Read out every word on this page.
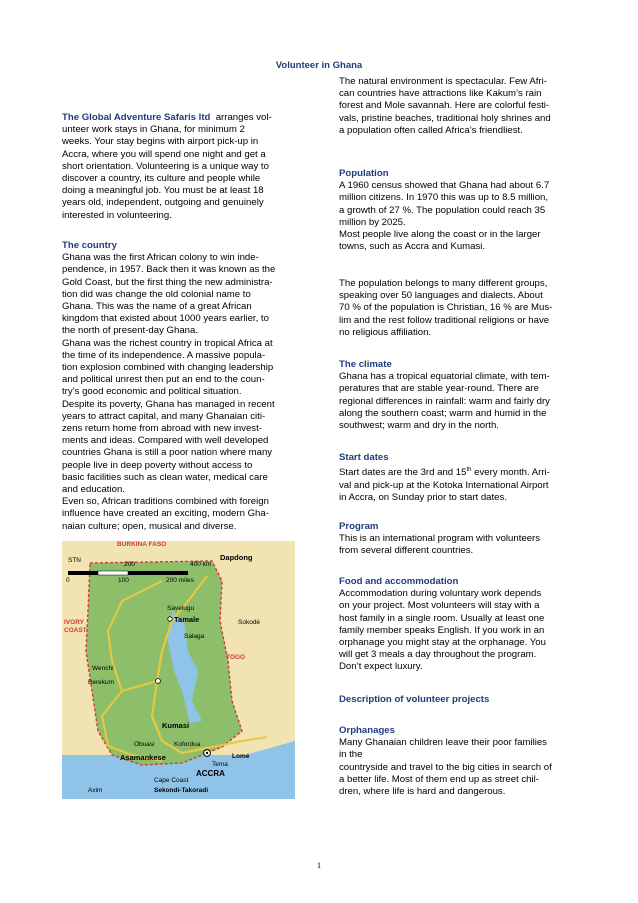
Volunteer in Ghana

The Global Adventure Safaris ltd arranges vol-
unteer work stays in Ghana, for minimum 2
weeks. Your stay begins with airport pick-up in
Accra, where you will spend one night and get a
short orientation. Volunteering is a unique way to
discover a country, its culture and people while
doing a meaningful job. You must be at least 18
years old, independent, outgoing and genuinely
interested in volunteering.

The country

Ghana was the first African colony to win inde-
pendence, in 1957. Back then it was known as the
Gold Coast, but the first thing the new administra-
tion did was change the old colonial name to
Ghana. This was the name of a great African
kingdom that existed about 1000 years earlier, to
the north of present-day Ghana.
Ghana was the richest country in tropical Africa at
the time of its independence. A massive popula-
tion explosion combined with changing leadership
and political unrest then put an end to the coun-
try’s good economic and political situation.
Despite its poverty, Ghana has managed in recent
years to attract capital, and many Ghanaian citi-
zens return home from abroad with new invest-
ments and ideas. Compared with well developed
countries Ghana is still a poor nation where many
people live in deep poverty without access to
basic facilities such as clean water, medical care
and education.
Even so, African traditions combined with foreign
influence have created an exciting, modern Gha-
naian culture; open, musical and diverse.

BURKINA FASO
Dapdong
STN
200	400 km
0	100	200 miles
Savelugu
Tamale
IVORY
COAST
Sokodé
Salaga
TOGO
Wenchi
Berekum
Kumasi
Obuasi	Kofordua
Asamankese	Lomé
Tema
ACCRA
Cape Coast
Axim	Sekondi-Takoradi

The natural environment is spectacular. Few Afri-
can countries have attractions like Kakum’s rain
forest and Mole savannah. Here are colorful festi-
vals, pristine beaches, traditional holy shrines and
a population often called Africa’s friendliest.

Population

A 1960 census showed that Ghana had about 6.7
million citizens. In 1970 this was up to 8.5 million,
a growth of 27 %. The population could reach 35
million by 2025.
Most people live along the coast or in the larger
towns, such as Accra and Kumasi.

The population belongs to many different groups,
speaking over 50 languages and dialects. About
70 % of the population is Christian, 16 % are Mus-
lim and the rest follow traditional religions or have
no religious affiliation.

The climate

Ghana has a tropical equatorial climate, with tem-
peratures that are stable year-round. There are
regional differences in rainfall: warm and fairly dry
along the southern coast; warm and humid in the
southwest; warm and dry in the north.

Start dates

Start dates are the 3rd and 15th every month. Arri-
val and pick-up at the Kotoka International Airport
in Accra, on Sunday prior to start dates.

Program

This is an international program with volunteers
from several different countries.

Food and accommodation

Accommodation during voluntary work depends
on your project. Most volunteers will stay with a
host family in a single room. Usually at least one
family member speaks English. If you work in an
orphanage you might stay at the orphanage. You
will get 3 meals a day throughout the program.
Don’t expect luxury.

Description of volunteer projects
Orphanages

Many Ghanaian children leave their poor families
in the
countryside and travel to the big cities in search of
a better life. Most of them end up as street chil-
dren, where life is hard and dangerous.

1
